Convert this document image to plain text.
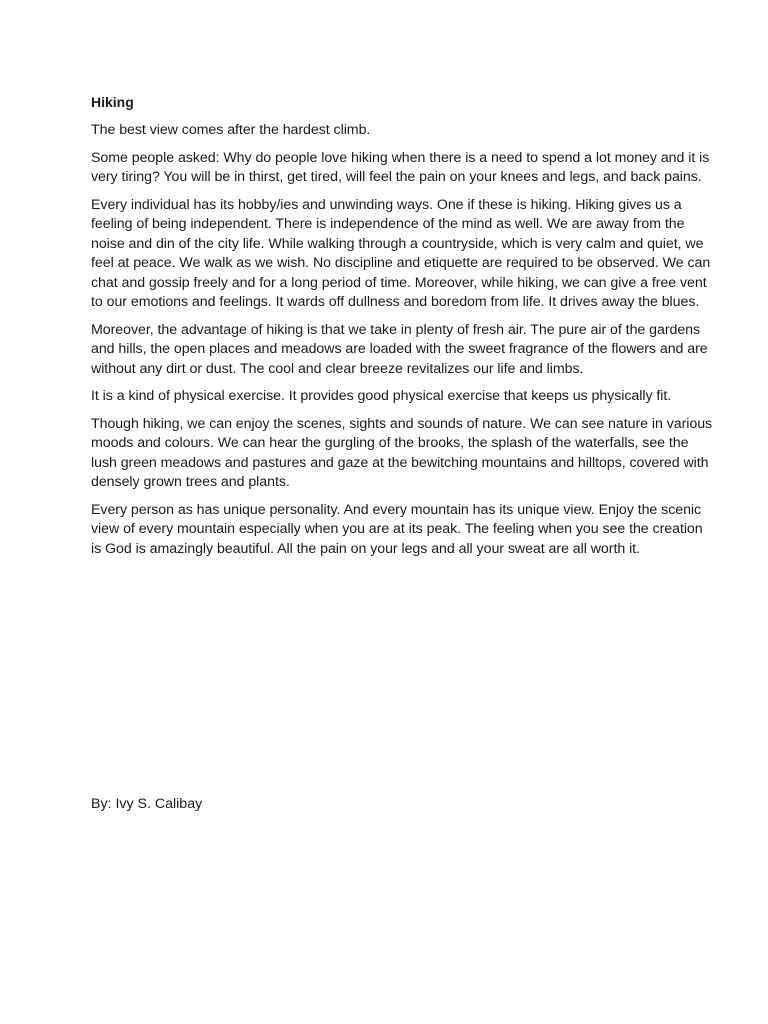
Hiking

The best view comes after the hardest climb.

Some people asked: Why do people love hiking when there is a need to spend a lot money and it is very tiring? You will be in thirst, get tired, will feel the pain on your knees and legs, and back pains.

Every individual has its hobby/ies and unwinding ways. One if these is hiking. Hiking gives us a feeling of being independent. There is independence of the mind as well. We are away from the noise and din of the city life. While walking through a countryside, which is very calm and quiet, we feel at peace. We walk as we wish. No discipline and etiquette are required to be observed. We can chat and gossip freely and for a long period of time. Moreover, while hiking, we can give a free vent to our emotions and feelings. It wards off dullness and boredom from life. It drives away the blues.

Moreover, the advantage of hiking is that we take in plenty of fresh air. The pure air of the gardens and hills, the open places and meadows are loaded with the sweet fragrance of the flowers and are without any dirt or dust. The cool and clear breeze revitalizes our life and limbs.

It is a kind of physical exercise. It provides good physical exercise that keeps us physically fit.

Though hiking, we can enjoy the scenes, sights and sounds of nature. We can see nature in various moods and colours. We can hear the gurgling of the brooks, the splash of the waterfalls, see the lush green meadows and pastures and gaze at the bewitching mountains and hilltops, covered with densely grown trees and plants.

Every person as has unique personality. And every mountain has its unique view. Enjoy the scenic view of every mountain especially when you are at its peak. The feeling when you see the creation is God is amazingly beautiful. All the pain on your legs and all your sweat are all worth it.

By: Ivy S. Calibay
